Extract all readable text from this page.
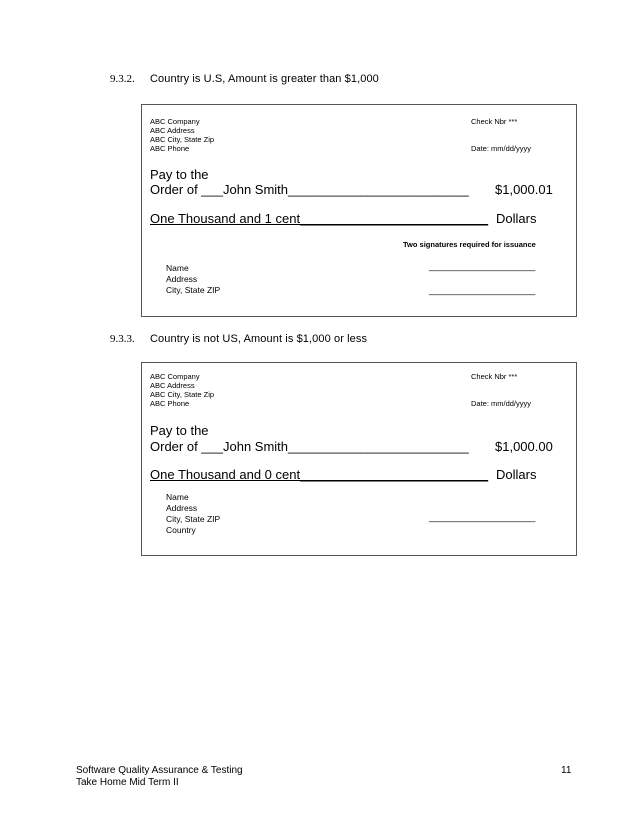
9.3.2. Country is U.S, Amount is greater than $1,000
ABC Company
ABC Address
ABC City, State Zip
ABC Phone
Check Nbr ***
Date: mm/dd/yyyy
Pay to the
Order of ___John Smith_________________________ $1,000.01
One Thousand and 1 cent__________________________ Dollars
Two signatures required for issuance
Name
Address
City, State ZIP
________________________
________________________
9.3.3. Country is not US, Amount is $1,000 or less
ABC Company
ABC Address
ABC City, State Zip
ABC Phone
Check Nbr ***
Date: mm/dd/yyyy
Pay to the
Order of ___John Smith_________________________ $1,000.00
One Thousand and 0 cent__________________________ Dollars
Name
Address
City, State ZIP
Country
________________________
Software Quality Assurance & Testing
Take Home Mid Term II
11
